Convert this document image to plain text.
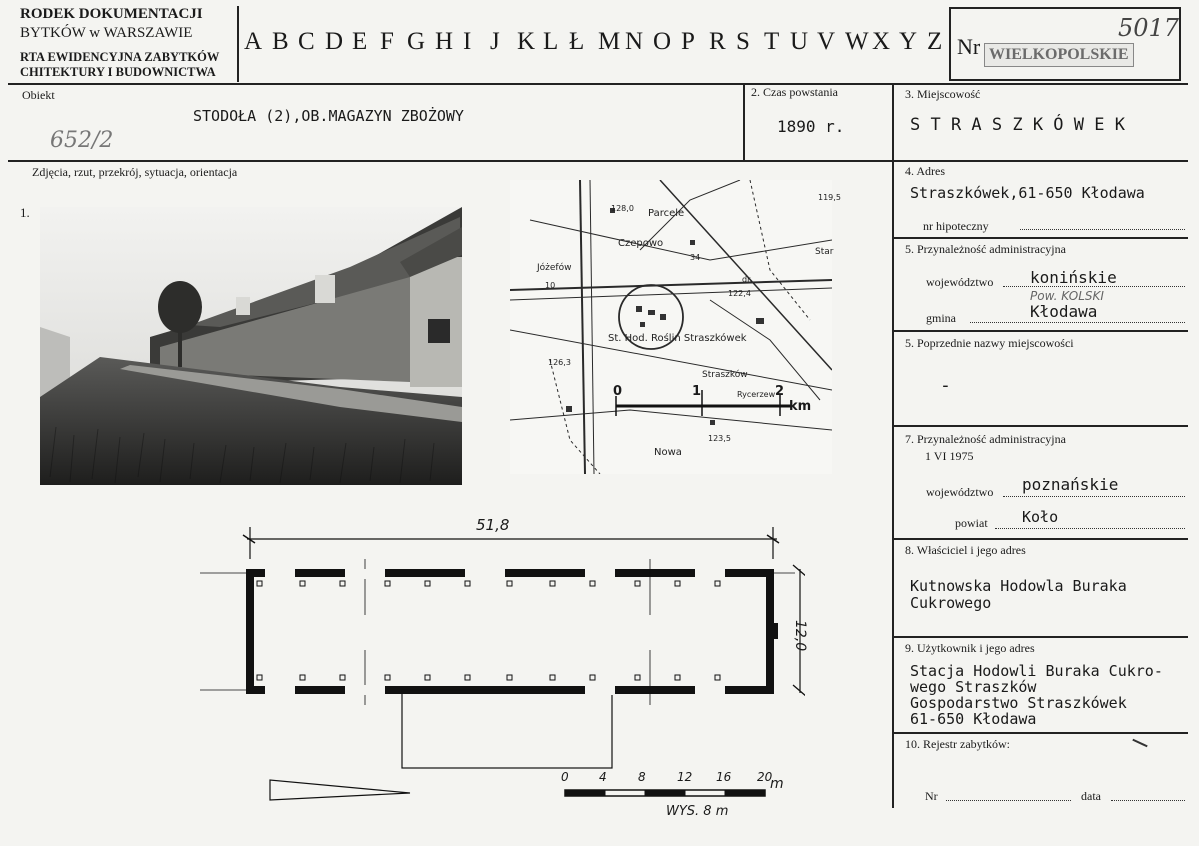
RODEK DOKUMENTACJI
BYTKÓW w WARSZAWIE
RTA EWIDENCYJNA ZABYTKÓW
CHITEKTURY I BUDOWNICTWA
A B C D E F G H I J K L Ł M N O P R S T U V W X Y Z Nr WIELKOPOLSKIE
5017
Obiekt
STODOŁA (2),OB.MAGAZYN ZBOŻOWY
652/2
2. Czas powstania
1890 r.
3. Miejscowość
S T R A S Z K Ó W E K
Zdjęcia, rzut, przekrój, sytuacja, orientacja
1.	Parcele
Czepowo
Star
Jóżefów
St. Hod. Roślin Straszkówek
Straszków
Rycerzew
Nowa
128,0
126,3
122,4
123,5
119,5
10
34
dr.
0	1	2
km
51,8
12,0
0	4	8	12 16 20
m
WYS. 8 m
4. Adres
Straszkówek,61-650 Kłodawa
nr hipoteczny
5. Przynależność administracyjna
województwo konińskie
Pow. KOLSKI
gmina	Kłodawa
5. Poprzednie nazwy miejscowości
-
7. Przynależność administracyjna
1 VI 1975
województwo poznańskie
powiat Koło
8. Właściciel i jego adres
Kutnowska Hodowla Buraka
Cukrowego
9. Użytkownik i jego adres
Stacja Hodowli Buraka Cukro-
wego Straszków
Gospodarstwo Straszkówek
61-650 Kłodawa
10. Rejestr zabytków:
Nr	data
